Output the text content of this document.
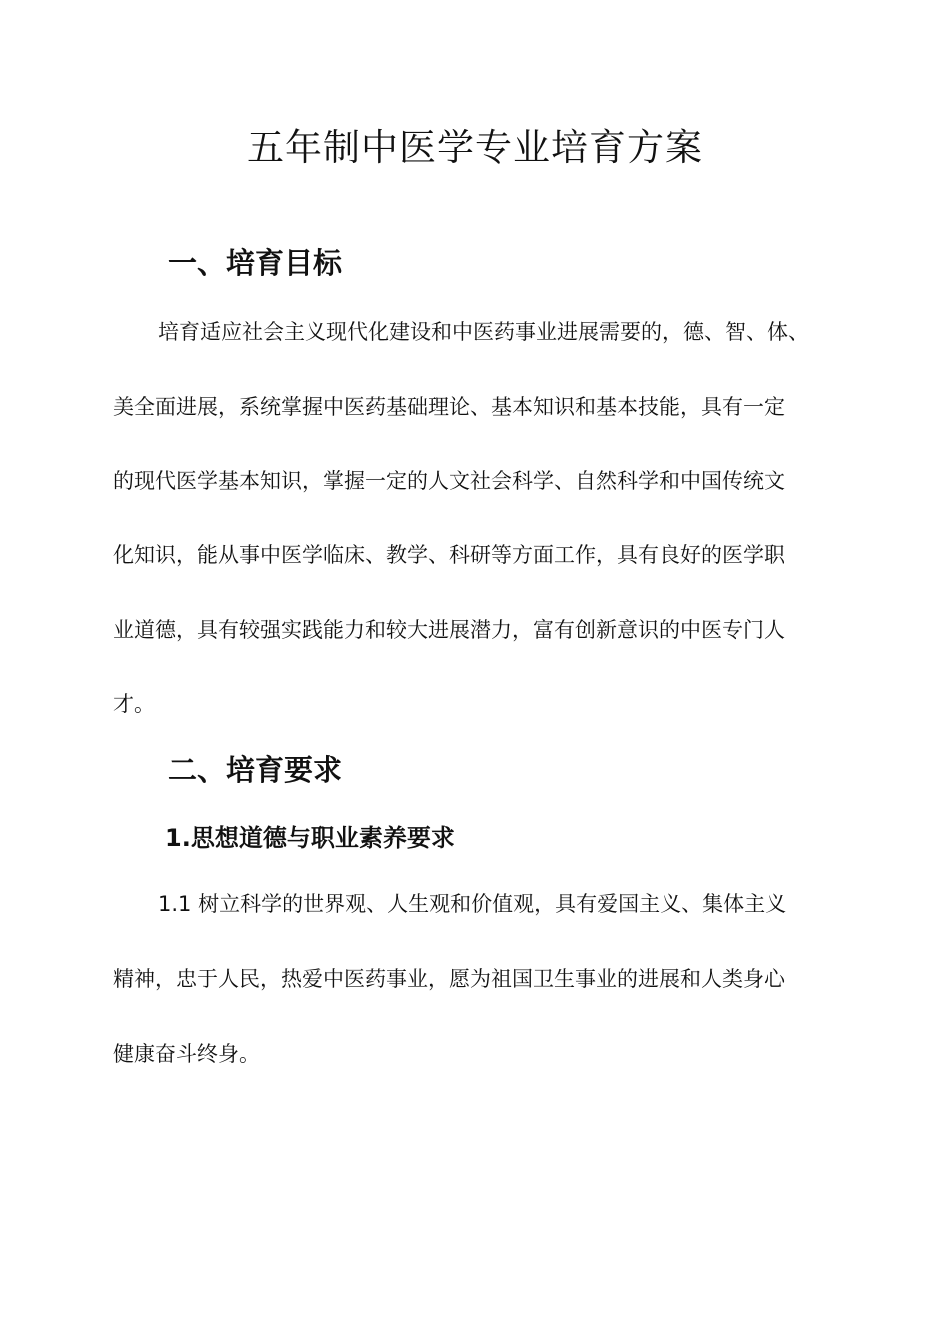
五年制中医学专业培育方案
一、培育目标
培育适应社会主义现代化建设和中医药事业进展需要的，德、智、体、
美全面进展，系统掌握中医药基础理论、基本知识和基本技能，具有一定
的现代医学基本知识，掌握一定的人文社会科学、自然科学和中国传统文
化知识，能从事中医学临床、教学、科研等方面工作，具有良好的医学职
业道德，具有较强实践能力和较大进展潜力，富有创新意识的中医专门人
才。
二、培育要求
1.思想道德与职业素养要求
1.1 树立科学的世界观、人生观和价值观，具有爱国主义、集体主义
精神，忠于人民，热爱中医药事业，愿为祖国卫生事业的进展和人类身心
健康奋斗终身。
